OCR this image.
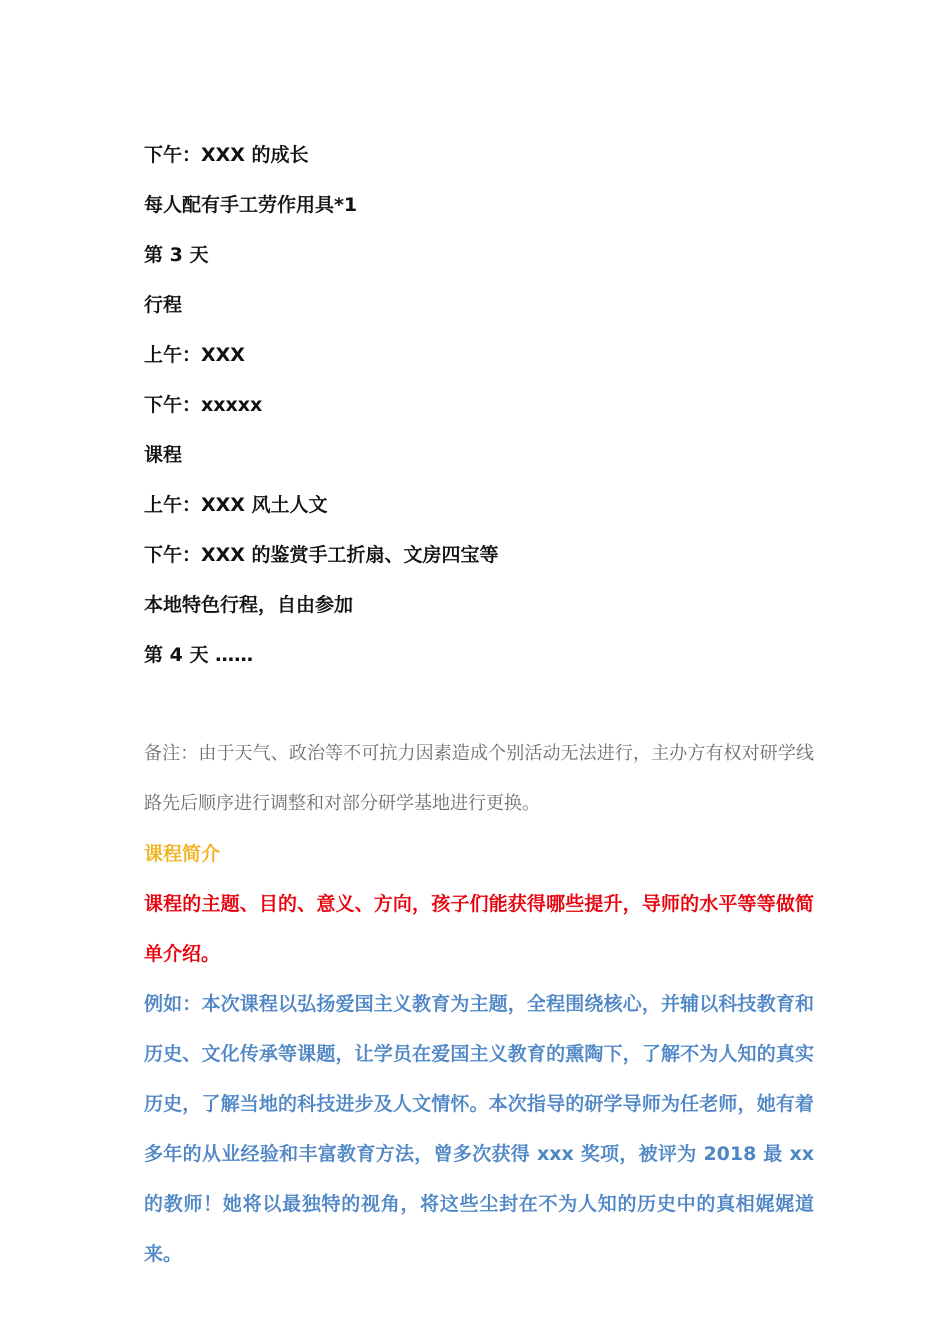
下午：XXX 的成长
每人配有手工劳作用具*1
第 3 天
行程
上午：XXX
下午：xxxxx
课程
上午：XXX 风土人文
下午：XXX 的鉴赏手工折扇、文房四宝等
本地特色行程，自由参加
第 4 天 ……
备注：由于天气、政治等不可抗力因素造成个别活动无法进行，主办方有权对研学线路先后顺序进行调整和对部分研学基地进行更换。
课程简介
课程的主题、目的、意义、方向，孩子们能获得哪些提升，导师的水平等等做简单介绍。
例如：本次课程以弘扬爱国主义教育为主题，全程围绕核心，并辅以科技教育和历史、文化传承等课题，让学员在爱国主义教育的熏陶下，了解不为人知的真实历史，了解当地的科技进步及人文情怀。本次指导的研学导师为任老师，她有着多年的从业经验和丰富教育方法，曾多次获得 xxx 奖项，被评为 2018 最 xx 的教师！她将以最独特的视角，将这些尘封在不为人知的历史中的真相娓娓道来。
